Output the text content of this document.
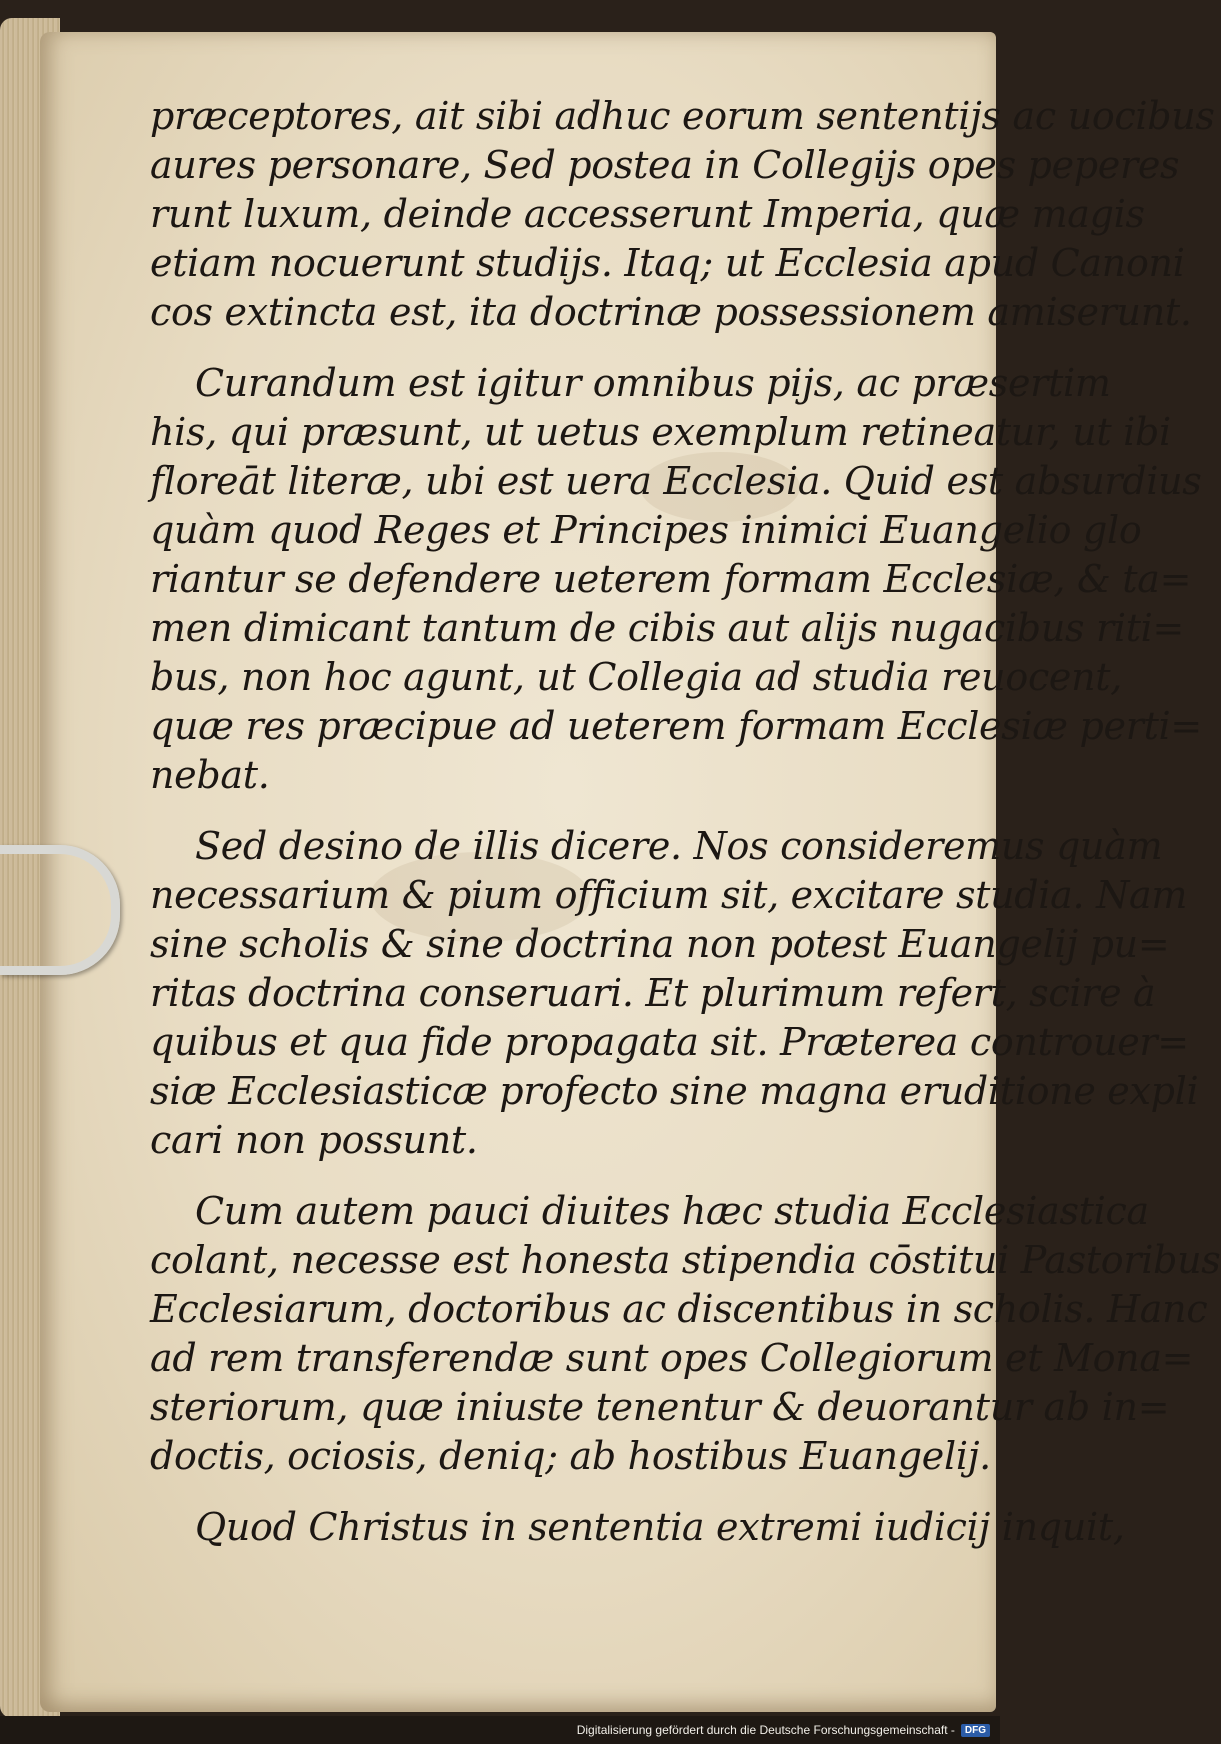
præceptores, ait sibi adhuc eorum sententijs ac uocibus
aures personare, Sed postea in Collegijs opes peperes
runt luxum, deinde accesserunt Imperia, quæ magis
etiam nocuerunt studijs. Itaq; ut Ecclesia apud Canoni
cos extincta est, ita doctrinæ possessionem amiserunt.
Curandum est igitur omnibus pijs, ac præsertim
his, qui præsunt, ut uetus exemplum retineatur, ut ibi
floreāt literæ, ubi est uera Ecclesia. Quid est absurdius
quàm quod Reges et Principes inimici Euangelio glo
riantur se defendere ueterem formam Ecclesiæ, & ta=
men dimicant tantum de cibis aut alijs nugacibus riti=
bus, non hoc agunt, ut Collegia ad studia reuocent,
quæ res præcipue ad ueterem formam Ecclesiæ perti=
nebat.
Sed desino de illis dicere. Nos consideremus quàm
necessarium & pium officium sit, excitare studia. Nam
sine scholis & sine doctrina non potest Euangelij pu=
ritas doctrina conseruari. Et plurimum refert, scire à
quibus et qua fide propagata sit. Præterea controuer=
siæ Ecclesiasticæ profecto sine magna eruditione expli
cari non possunt.
Cum autem pauci diuites hæc studia Ecclesiastica
colant, necesse est honesta stipendia cōstitui Pastoribus
Ecclesiarum, doctoribus ac discentibus in scholis. Hanc
ad rem transferendæ sunt opes Collegiorum et Mona=
steriorum, quæ iniuste tenentur & deuorantur ab in=
doctis, ociosis, deniq; ab hostibus Euangelij.
Quod Christus in sententia extremi iudicij inquit,
Digitalisierung gefördert durch die Deutsche Forschungsgemeinschaft -	DFG
